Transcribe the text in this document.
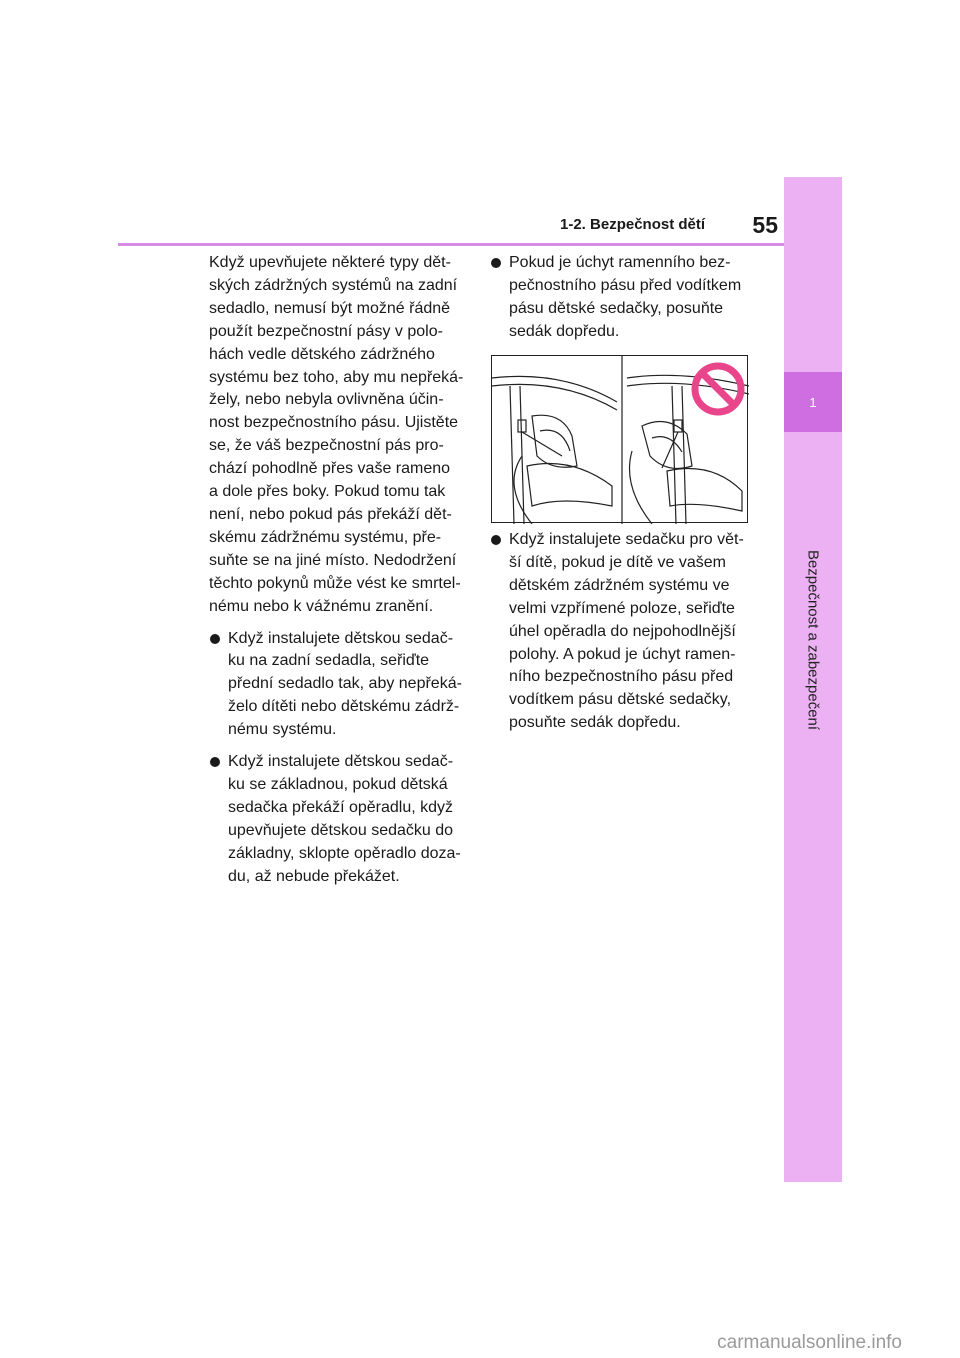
1
Bezpečnost a zabezpečení
1-2. Bezpečnost dětí	55

Když upevňujete některé typy dět-
ských zádržných systémů na zadní
sedadlo, nemusí být možné řádně
použít bezpečnostní pásy v polo-
hách vedle dětského zádržného
systému bez toho, aby mu nepřeká-
žely, nebo nebyla ovlivněna účin-
nost bezpečnostního pásu. Ujistěte
se, že váš bezpečnostní pás pro-
chází pohodlně přes vaše rameno
a dole přes boky. Pokud tomu tak
není, nebo pokud pás překáží dět-
skému zádržnému systému, pře-
suňte se na jiné místo. Nedodržení
těchto pokynů může vést ke smrtel-
nému nebo k vážnému zranění.

Když instalujete dětskou sedač-
ku na zadní sedadla, seřiďte
přední sedadlo tak, aby nepřeká-
želo dítěti nebo dětskému zádrž-
nému systému.
Když instalujete dětskou sedač-
ku se základnou, pokud dětská
sedačka překáží opěradlu, když
upevňujete dětskou sedačku do
základny, sklopte opěradlo doza-
du, až nebude překážet.
Pokud je úchyt ramenního bez-
pečnostního pásu před vodítkem
pásu dětské sedačky, posuňte
sedák dopředu.
Když instalujete sedačku pro vět-
ší dítě, pokud je dítě ve vašem
dětském zádržném systému ve
velmi vzpřímené poloze, seřiďte
úhel opěradla do nejpohodlnější
polohy. A pokud je úchyt ramen-
ního bezpečnostního pásu před
vodítkem pásu dětské sedačky,
posuňte sedák dopředu.
carmanualsonline.info
